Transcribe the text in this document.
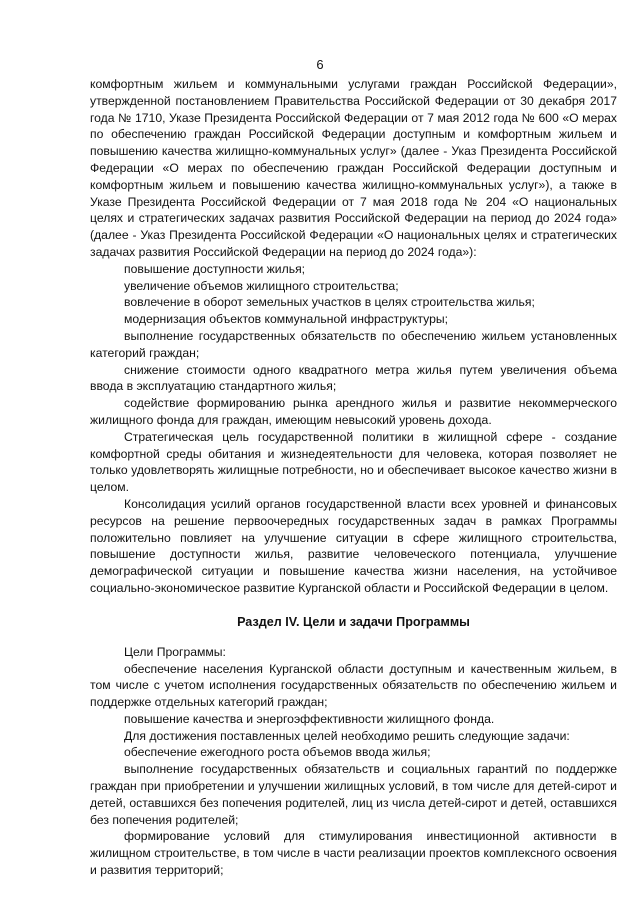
6

комфортным жильем и коммунальными услугами граждан Российской Федерации», утвержденной постановлением Правительства Российской Федерации от 30 декабря 2017 года № 1710, Указе Президента Российской Федерации от 7 мая 2012 года № 600 «О мерах по обеспечению граждан Российской Федерации доступным и комфортным жильем и повышению качества жилищно-коммунальных услуг» (далее - Указ Президента Российской Федерации «О мерах по обеспечению граждан Российской Федерации доступным и комфортным жильем и повышению качества жилищно-коммунальных услуг»), а также в Указе Президента Российской Федерации от 7 мая 2018 года № 204 «О национальных целях и стратегических задачах развития Российской Федерации на период до 2024 года» (далее - Указ Президента Российской Федерации «О национальных целях и стратегических задачах развития Российской Федерации на период до 2024 года»):

повышение доступности жилья;

увеличение объемов жилищного строительства;

вовлечение в оборот земельных участков в целях строительства жилья;

модернизация объектов коммунальной инфраструктуры;

выполнение государственных обязательств по обеспечению жильем установленных категорий граждан;

снижение стоимости одного квадратного метра жилья путем увеличения объема ввода в эксплуатацию стандартного жилья;

содействие формированию рынка арендного жилья и развитие некоммерческого жилищного фонда для граждан, имеющим невысокий уровень дохода.

Стратегическая цель государственной политики в жилищной сфере - создание комфортной среды обитания и жизнедеятельности для человека, которая позволяет не только удовлетворять жилищные потребности, но и обеспечивает высокое качество жизни в целом.

Консолидация усилий органов государственной власти всех уровней и финансовых ресурсов на решение первоочередных государственных задач в рамках Программы положительно повлияет на улучшение ситуации в сфере жилищного строительства, повышение доступности жилья, развитие человеческого потенциала, улучшение демографической ситуации и повышение качества жизни населения, на устойчивое социально-экономическое развитие Курганской области и Российской Федерации в целом.

Раздел IV. Цели и задачи Программы

Цели Программы:

обеспечение населения Курганской области доступным и качественным жильем, в том числе с учетом исполнения государственных обязательств по обеспечению жильем и поддержке отдельных категорий граждан;

повышение качества и энергоэффективности жилищного фонда.

Для достижения поставленных целей необходимо решить следующие задачи:

обеспечение ежегодного роста объемов ввода жилья;

выполнение государственных обязательств и социальных гарантий по поддержке граждан при приобретении и улучшении жилищных условий, в том числе для детей-сирот и детей, оставшихся без попечения родителей, лиц из числа детей-сирот и детей, оставшихся без попечения родителей;

формирование условий для стимулирования инвестиционной активности в жилищном строительстве, в том числе в части реализации проектов комплексного освоения и развития территорий;
